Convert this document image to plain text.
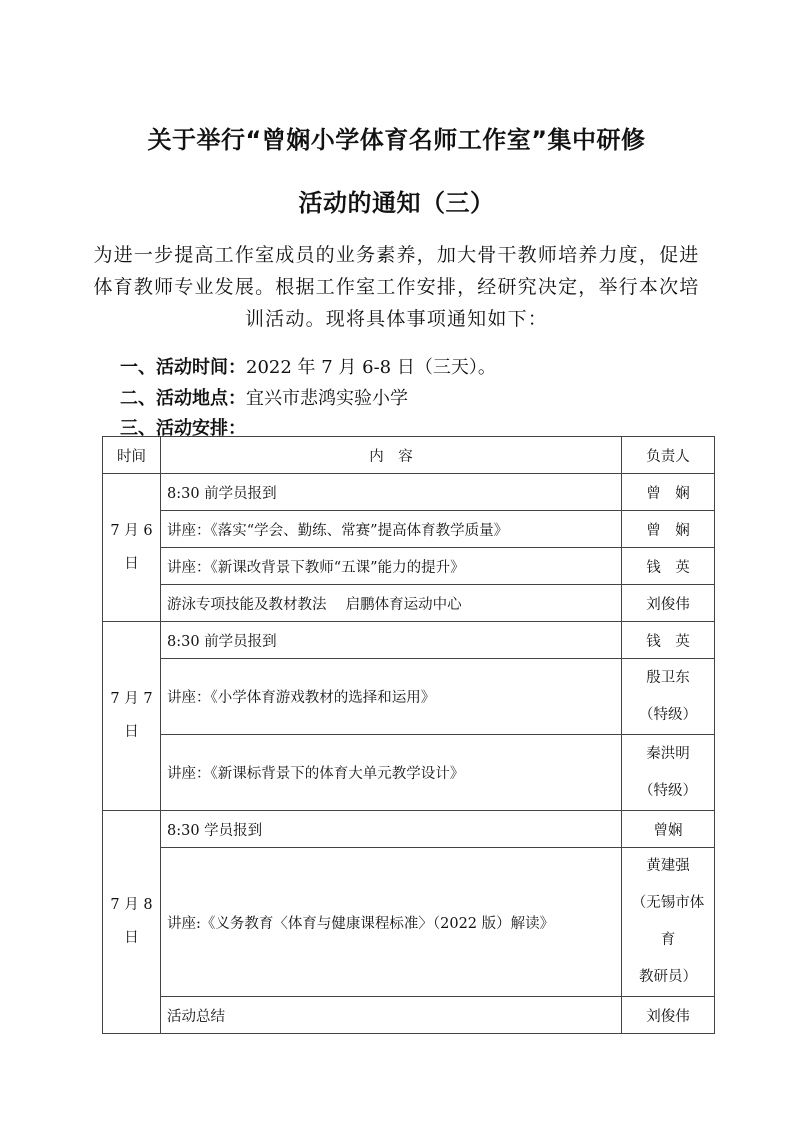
关于举行“曾娴小学体育名师工作室”集中研修
活动的通知（三）
为进一步提高工作室成员的业务素养，加大骨干教师培养力度，促进
体育教师专业发展。根据工作室工作安排，经研究决定，举行本次培
训活动。现将具体事项通知如下：
一、活动时间：2022 年 7 月 6-8 日（三天）。
二、活动地点：宜兴市悲鸿实验小学
三、活动安排：
时间	内　容	负责人

7 月 6
日	8:30 前学员报到	曾　娴
	讲座：《落实“学会、勤练、常赛”提高体育教学质量》	曾　娴
	讲座：《新课改背景下教师“五课”能力的提升》	钱　英
	游泳专项技能及教材教法　 启鹏体育运动中心	刘俊伟

7 月 7
日	8:30 前学员报到	钱　英
	讲座：《小学体育游戏教材的选择和运用》	殷卫东
（特级）

	讲座：《新课标背景下的体育大单元教学设计》	秦洪明
（特级）

7 月 8
日	8:30 学员报到	曾娴
	讲座:《义务教育〈体育与健康课程标准〉（2022 版）解读》	黄建强
（无锡市体育
教研员）

	活动总结	刘俊伟
